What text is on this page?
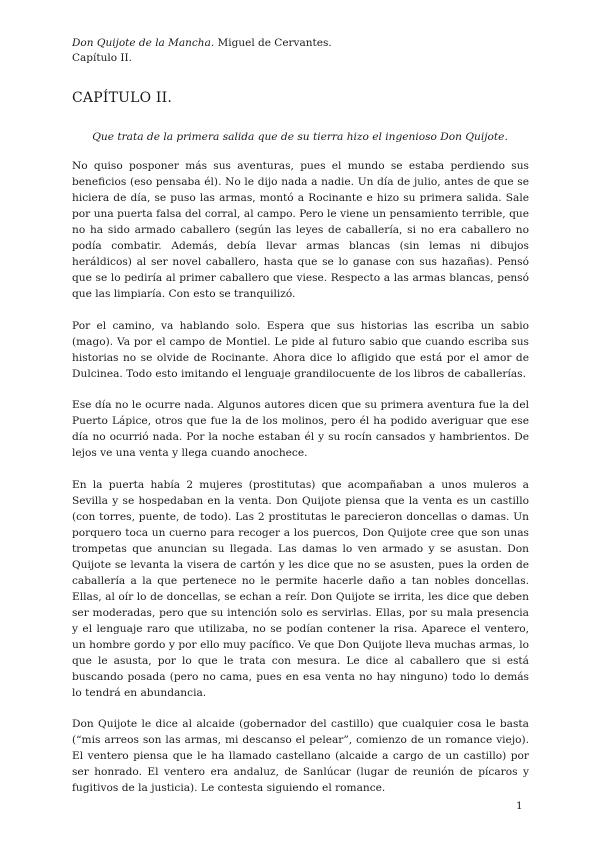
Don Quijote de la Mancha. Miguel de Cervantes.
Capítulo II.
CAPÍTULO II.

Que trata de la primera salida que de su tierra hizo el ingenioso Don Quijote.

No quiso posponer más sus aventuras, pues el mundo se estaba perdiendo sus beneficios (eso pensaba él). No le dijo nada a nadie. Un día de julio, antes de que se hiciera de día, se puso las armas, montó a Rocinante e hizo su primera salida. Sale por una puerta falsa del corral, al campo. Pero le viene un pensamiento terrible, que no ha sido armado caballero (según las leyes de caballería, si no era caballero no podía combatir. Además, debía llevar armas blancas (sin lemas ni dibujos heráldicos) al ser novel caballero, hasta que se lo ganase con sus hazañas). Pensó que se lo pediría al primer caballero que viese. Respecto a las armas blancas, pensó que las limpiaría. Con esto se tranquilizó.

Por el camino, va hablando solo. Espera que sus historias las escriba un sabio (mago). Va por el campo de Montiel. Le pide al futuro sabio que cuando escriba sus historias no se olvide de Rocinante. Ahora dice lo afligido que está por el amor de Dulcinea. Todo esto imitando el lenguaje grandilocuente de los libros de caballerías.

Ese día no le ocurre nada. Algunos autores dicen que su primera aventura fue la del Puerto Lápice, otros que fue la de los molinos, pero él ha podido averiguar que ese día no ocurrió nada. Por la noche estaban él y su rocín cansados y hambrientos. De lejos ve una venta y llega cuando anochece.

En la puerta había 2 mujeres (prostitutas) que acompañaban a unos muleros a Sevilla y se hospedaban en la venta. Don Quijote piensa que la venta es un castillo (con torres, puente, de todo). Las 2 prostitutas le parecieron doncellas o damas. Un porquero toca un cuerno para recoger a los puercos, Don Quijote cree que son unas trompetas que anuncian su llegada. Las damas lo ven armado y se asustan. Don Quijote se levanta la visera de cartón y les dice que no se asusten, pues la orden de caballería a la que pertenece no le permite hacerle daño a tan nobles doncellas. Ellas, al oír lo de doncellas, se echan a reír. Don Quijote se irrita, les dice que deben ser moderadas, pero que su intención solo es servirlas. Ellas, por su mala presencia y el lenguaje raro que utilizaba, no se podían contener la risa. Aparece el ventero, un hombre gordo y por ello muy pacífico. Ve que Don Quijote lleva muchas armas, lo que le asusta, por lo que le trata con mesura. Le dice al caballero que si está buscando posada (pero no cama, pues en esa venta no hay ninguno) todo lo demás lo tendrá en abundancia.

Don Quijote le dice al alcaide (gobernador del castillo) que cualquier cosa le basta (“mis arreos son las armas, mi descanso el pelear”, comienzo de un romance viejo). El ventero piensa que le ha llamado castellano (alcaide a cargo de un castillo) por ser honrado. El ventero era andaluz, de Sanlúcar (lugar de reunión de pícaros y fugitivos de la justicia). Le contesta siguiendo el romance.

1
